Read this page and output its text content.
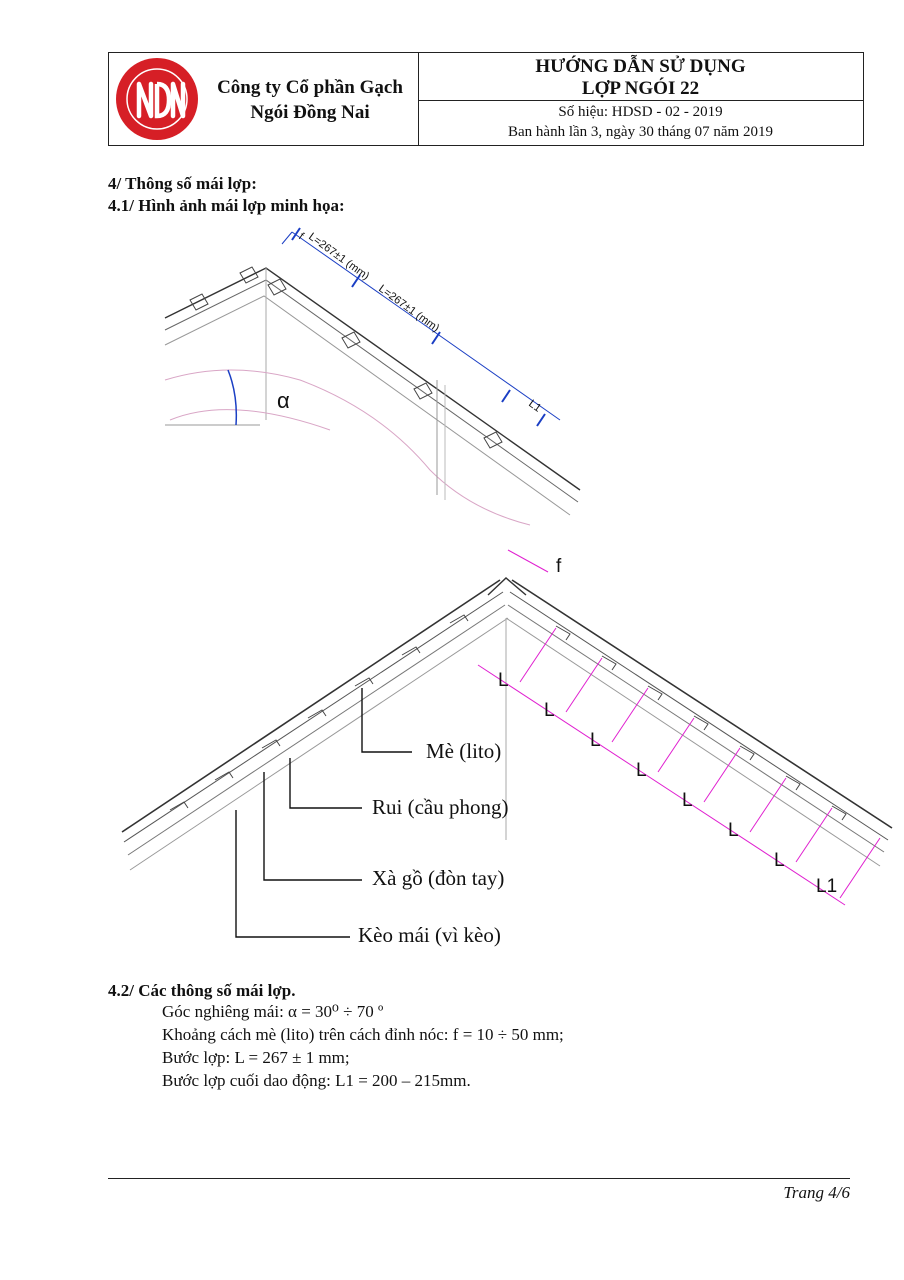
Công ty Cổ phần Gạch
Ngói Đồng Nai
HƯỚNG DẪN SỬ DỤNG
LỢP NGÓI 22
Số hiệu: HDSD - 02 - 2019
Ban hành lần 3, ngày 30 tháng 07 năm 2019
4/ Thông số mái lợp:
4.1/ Hình ảnh mái lợp minh họa:
f L=267±1 (mm)
L=267±1 (mm)
L1
α
f
L
L
L
L
L
L
L
L1
Mè (lito)
Rui (cầu phong)
Xà gồ (đòn tay)
Kèo mái (vì kèo)
4.2/ Các thông số mái lợp.
Góc nghiêng mái: α = 30⁰ ÷ 70 º
Khoảng cách mè (lito) trên cách đỉnh nóc: f = 10 ÷ 50 mm;
Bước lợp: L = 267 ± 1 mm;
Bước lợp cuối dao động: L1 = 200 – 215mm.
Trang 4/6
